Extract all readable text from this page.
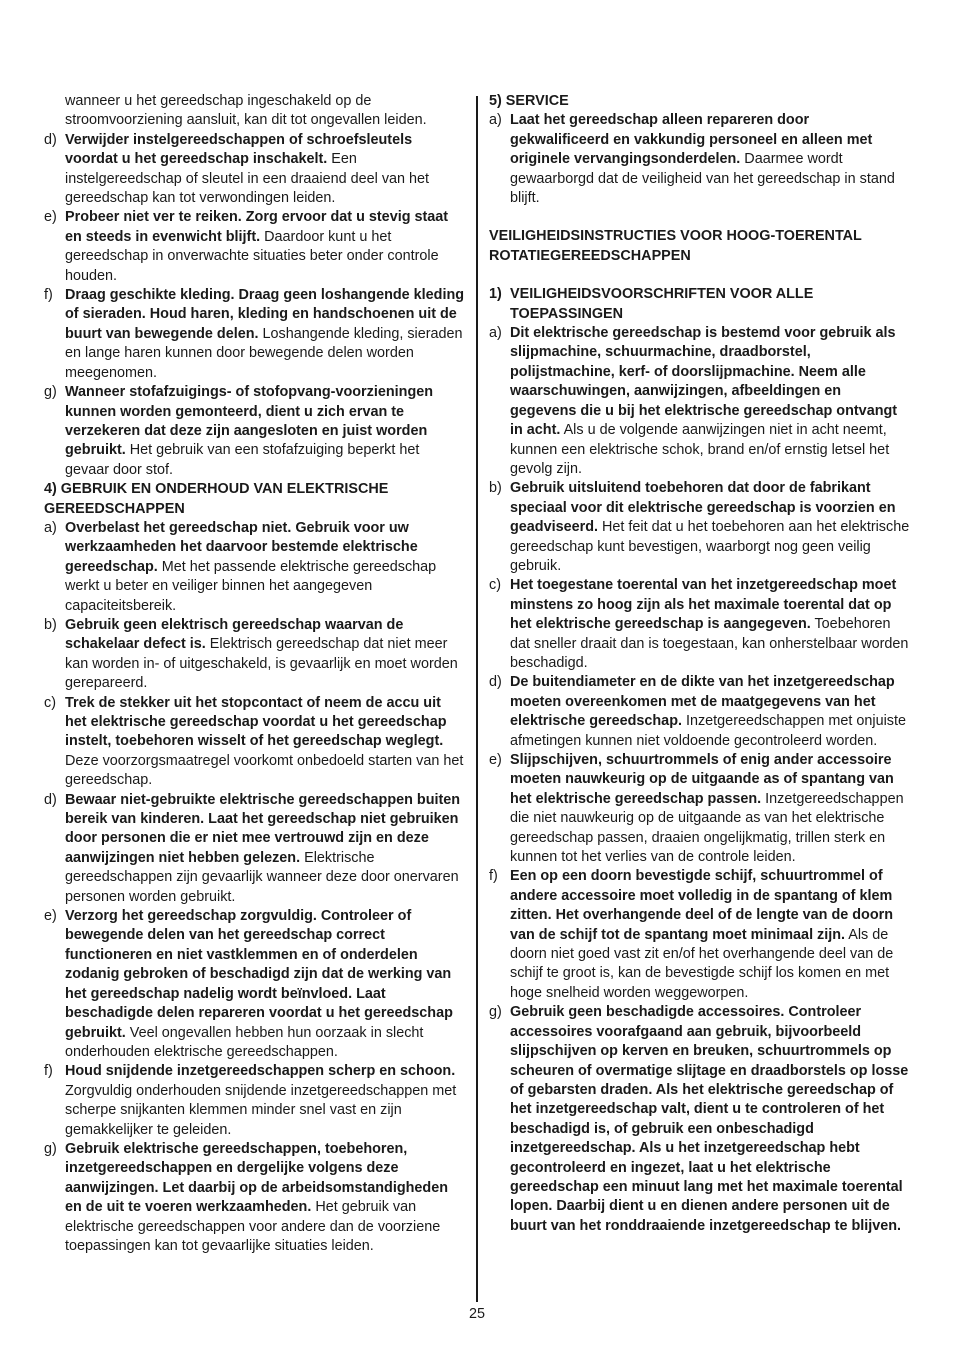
wanneer u het gereedschap ingeschakeld op de stroomvoorziening aansluit, kan dit tot ongevallen leiden.
d) Verwijder instelgereedschappen of schroefsleutels voordat u het gereedschap inschakelt. Een instelgereedschap of sleutel in een draaiend deel van het gereedschap kan tot verwondingen leiden.
e) Probeer niet ver te reiken. Zorg ervoor dat u stevig staat en steeds in evenwicht blijft. Daardoor kunt u het gereedschap in onverwachte situaties beter onder controle houden.
f) Draag geschikte kleding. Draag geen loshangende kleding of sieraden. Houd haren, kleding en handschoenen uit de buurt van bewegende delen. Loshangende kleding, sieraden en lange haren kunnen door bewegende delen worden meegenomen.
g) Wanneer stofafzuigings- of stofopvang-voorzieningen kunnen worden gemonteerd, dient u zich ervan te verzekeren dat deze zijn aangesloten en juist worden gebruikt. Het gebruik van een stofafzuiging beperkt het gevaar door stof.
4) GEBRUIK EN ONDERHOUD VAN ELEKTRISCHE GEREEDSCHAPPEN
a) Overbelast het gereedschap niet. Gebruik voor uw werkzaamheden het daarvoor bestemde elektrische gereedschap. Met het passende elektrische gereedschap werkt u beter en veiliger binnen het aangegeven capaciteitsbereik.
b) Gebruik geen elektrisch gereedschap waarvan de schakelaar defect is. Elektrisch gereedschap dat niet meer kan worden in- of uitgeschakeld, is gevaarlijk en moet worden gerepareerd.
c) Trek de stekker uit het stopcontact of neem de accu uit het elektrische gereedschap voordat u het gereedschap instelt, toebehoren wisselt of het gereedschap weglegt. Deze voorzorgsmaatregel voorkomt onbedoeld starten van het gereedschap.
d) Bewaar niet-gebruikte elektrische gereedschappen buiten bereik van kinderen. Laat het gereedschap niet gebruiken door personen die er niet mee vertrouwd zijn en deze aanwijzingen niet hebben gelezen. Elektrische gereedschappen zijn gevaarlijk wanneer deze door onervaren personen worden gebruikt.
e) Verzorg het gereedschap zorgvuldig. Controleer of bewegende delen van het gereedschap correct functioneren en niet vastklemmen en of onderdelen zodanig gebroken of beschadigd zijn dat de werking van het gereedschap nadelig wordt beïnvloed. Laat beschadigde delen repareren voordat u het gereedschap gebruikt. Veel ongevallen hebben hun oorzaak in slecht onderhouden elektrische gereedschappen.
f) Houd snijdende inzetgereedschappen scherp en schoon. Zorgvuldig onderhouden snijdende inzetgereedschappen met scherpe snijkanten klemmen minder snel vast en zijn gemakkelijker te geleiden.
g) Gebruik elektrische gereedschappen, toebehoren, inzetgereedschappen en dergelijke volgens deze aanwijzingen. Let daarbij op de arbeidsomstandigheden en de uit te voeren werkzaamheden. Het gebruik van elektrische gereedschappen voor andere dan de voorziene toepassingen kan tot gevaarlijke situaties leiden.
5) SERVICE
a) Laat het gereedschap alleen repareren door gekwalificeerd en vakkundig personeel en alleen met originele vervangingsonderdelen. Daarmee wordt gewaarborgd dat de veiligheid van het gereedschap in stand blijft.
VEILIGHEIDSINSTRUCTIES VOOR HOOG-TOERENTAL ROTATIEGEREEDSCHAPPEN
1) VEILIGHEIDSVOORSCHRIFTEN VOOR ALLE TOEPASSINGEN
a) Dit elektrische gereedschap is bestemd voor gebruik als slijpmachine, schuurmachine, draadborstel, polijstmachine, kerf- of doorslijpmachine. Neem alle waarschuwingen, aanwijzingen, afbeeldingen en gegevens die u bij het elektrische gereedschap ontvangt in acht. Als u de volgende aanwijzingen niet in acht neemt, kunnen een elektrische schok, brand en/of ernstig letsel het gevolg zijn.
b) Gebruik uitsluitend toebehoren dat door de fabrikant speciaal voor dit elektrische gereedschap is voorzien en geadviseerd. Het feit dat u het toebehoren aan het elektrische gereedschap kunt bevestigen, waarborgt nog geen veilig gebruik.
c) Het toegestane toerental van het inzetgereedschap moet minstens zo hoog zijn als het maximale toerental dat op het elektrische gereedschap is aangegeven. Toebehoren dat sneller draait dan is toegestaan, kan onherstelbaar worden beschadigd.
d) De buitendiameter en de dikte van het inzetgereedschap moeten overeenkomen met de maatgegevens van het elektrische gereedschap. Inzetgereedschappen met onjuiste afmetingen kunnen niet voldoende gecontroleerd worden.
e) Slijpschijven, schuurtrommels of enig ander accessoire moeten nauwkeurig op de uitgaande as of spantang van het elektrische gereedschap passen. Inzetgereedschappen die niet nauwkeurig op de uitgaande as van het elektrische gereedschap passen, draaien ongelijkmatig, trillen sterk en kunnen tot het verlies van de controle leiden.
f) Een op een doorn bevestigde schijf, schuurtrommel of andere accessoire moet volledig in de spantang of klem zitten. Het overhangende deel of de lengte van de doorn van de schijf tot de spantang moet minimaal zijn. Als de doorn niet goed vast zit en/of het overhangende deel van de schijf te groot is, kan de bevestigde schijf los komen en met hoge snelheid worden weggeworpen.
g) Gebruik geen beschadigde accessoires. Controleer accessoires voorafgaand aan gebruik, bijvoorbeeld slijpschijven op kerven en breuken, schuurtrommels op scheuren of overmatige slijtage en draadborstels op losse of gebarsten draden. Als het elektrische gereedschap of het inzetgereedschap valt, dient u te controleren of het beschadigd is, of gebruik een onbeschadigd inzetgereedschap. Als u het inzetgereedschap hebt gecontroleerd en ingezet, laat u het elektrische gereedschap een minuut lang met het maximale toerental lopen. Daarbij dient u en dienen andere personen uit de buurt van het ronddraaiende inzetgereedschap te blijven.
25
